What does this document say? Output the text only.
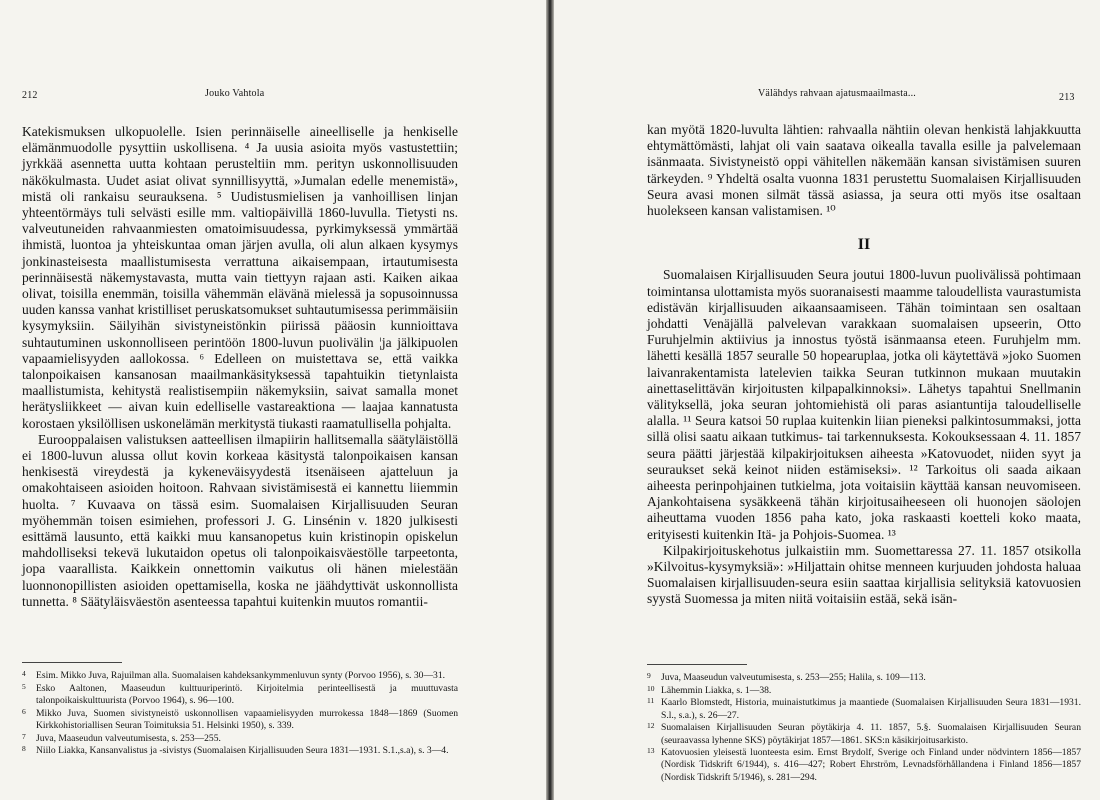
212	Jouko Vahtola

Katekismuksen ulkopuolelle. Isien perinnäiselle aineelliselle ja henkiselle elämänmuodolle pysyttiin uskollisena. ⁴ Ja uusia asioita myös vastustettiin; jyrkkää asennetta uutta kohtaan perusteltiin mm. perityn uskonnollisuuden näkökulmasta. Uudet asiat olivat synnillisyyttä, »Jumalan edelle menemistä», mistä oli rankaisu seurauksena. ⁵ Uudistusmielisen ja vanhoillisen linjan yhteentörmäys tuli selvästi esille mm. valtiopäivillä 1860-luvulla. Tietysti ns. valveutuneiden rahvaanmiesten omatoimisuudessa, pyrkimyksessä ymmärtää ihmistä, luontoa ja yhteiskuntaa oman järjen avulla, oli alun alkaen kysymys jonkinasteisesta maallistumisesta verrattuna aikaisempaan, irtautumisesta perinnäisestä näkemystavasta, mutta vain tiettyyn rajaan asti. Kaiken aikaa olivat, toisilla enemmän, toisilla vähemmän elävänä mielessä ja sopusoinnussa uuden kanssa vanhat kristilliset peruskatsomukset suhtautumisessa perimmäisiin kysymyksiin. Säilyihän sivistyneistönkin piirissä pääosin kunnioittava suhtautuminen uskonnolliseen perintöön 1800-luvun puolivälin ¦ja jälkipuolen vapaamielisyyden aallokossa. ⁶ Edelleen on muistettava se, että vaikka talonpoikaisen kansanosan maailmankäsityksessä tapahtuikin tietynlaista maallistumista, kehitystä realistisempiin näkemyksiin, saivat samalla monet herätysliikkeet — aivan kuin edelliselle vastareaktiona — laajaa kannatusta korostaen yksilöllisen uskonelämän merkitystä tiukasti raamatullisella pohjalta.

Eurooppalaisen valistuksen aatteellisen ilmapiirin hallitsemalla säätyläistöllä ei 1800-luvun alussa ollut kovin korkeaa käsitystä talonpoikaisen kansan henkisestä vireydestä ja kykeneväisyydestä itsenäiseen ajatteluun ja omakohtaiseen asioiden hoitoon. Rahvaan sivistämisestä ei kannettu liiemmin huolta. ⁷ Kuvaava on tässä esim. Suomalaisen Kirjallisuuden Seuran myöhemmän toisen esimiehen, professori J. G. Linsénin v. 1820 julkisesti esittämä lausunto, että kaikki muu kansanopetus kuin kristinopin opiskelun mahdolliseksi tekevä lukutaidon opetus oli talonpoikaisväestölle tarpeetonta, jopa vaarallista. Kaikkein onnettomin vaikutus oli hänen mielestään luonnonopillisten asioiden opettamisella, koska ne jäähdyttivät uskonnollista tunnetta. ⁸ Säätyläisväestön asenteessa tapahtui kuitenkin muutos romantii-

4	Esim. Mikko Juva, Rajuilman alla. Suomalaisen kahdeksankymmenluvun synty (Porvoo 1956), s. 30—31.
5	Esko Aaltonen, Maaseudun kulttuuriperintö. Kirjoitelmia perinteellisestä ja muuttuvasta talonpoikaiskulttuurista (Porvoo 1964), s. 96—100.
6	Mikko Juva, Suomen sivistyneistö uskonnollisen vapaamielisyyden murrokessa 1848—1869 (Suomen Kirkkohistoriallisen Seuran Toimituksia 51. Helsinki 1950), s. 339.
7	Juva, Maaseudun valveutumisesta, s. 253—255.
8	Niilo Liakka, Kansanvalistus ja -sivistys (Suomalaisen Kirjallisuuden Seura 1831—1931. S.1.,s.a), s. 3—4.
Välähdys rahvaan ajatusmaailmasta...	213

kan myötä 1820-luvulta lähtien: rahvaalla nähtiin olevan henkistä lahjakkuutta ehtymättömästi, lahjat oli vain saatava oikealla tavalla esille ja palvelemaan isänmaata. Sivistyneistö oppi vähitellen näkemään kansan sivistämisen suuren tärkeyden. ⁹ Yhdeltä osalta vuonna 1831 perustettu Suomalaisen Kirjallisuuden Seura avasi monen silmät tässä asiassa, ja seura otti myös itse osaltaan huolekseen kansan valistamisen. ¹⁰

II

Suomalaisen Kirjallisuuden Seura joutui 1800-luvun puolivälissä pohtimaan toimintansa ulottamista myös suoranaisesti maamme taloudellista vaurastumista edistävän kirjallisuuden aikaansaamiseen. Tähän toimintaan sen osaltaan johdatti Venäjällä palvelevan varakkaan suomalaisen upseerin, Otto Furuhjelmin aktiivius ja innostus työstä isänmaansa eteen. Furuhjelm mm. lähetti kesällä 1857 seuralle 50 hopearuplaa, jotka oli käytettävä »joko Suomen laivanrakentamista latelevien taikka Seuran tutkinnon mukaan muutakin ainettaselittävän kirjoitusten kilpapalkinnoksi». Lähetys tapahtui Snellmanin välityksellä, joka seuran johtomiehistä oli paras asiantuntija taloudelliselle alalla. ¹¹ Seura katsoi 50 ruplaa kuitenkin liian pieneksi palkintosummaksi, jotta sillä olisi saatu aikaan tutkimus- tai tarkennuksesta. Kokouksessaan 4. 11. 1857 seura päätti järjestää kilpakirjoituksen aiheesta »Katovuodet, niiden syyt ja seuraukset sekä keinot niiden estämiseksi». ¹² Tarkoitus oli saada aikaan aiheesta perinpohjainen tutkielma, jota voitaisiin käyttää kansan neuvomiseen. Ajankohtaisena sysäkkeenä tähän kirjoitusaiheeseen oli huonojen säolojen aiheuttama vuoden 1856 paha kato, joka raskaasti koetteli koko maata, erityisesti kuitenkin Itä- ja Pohjois-Suomea. ¹³

Kilpakirjoituskehotus julkaistiin mm. Suomettaressa 27. 11. 1857 otsikolla »Kilvoitus-kysymyksiä»: »Hiljattain ohitse menneen kurjuuden johdosta haluaa Suomalaisen kirjallisuuden-seura esiin saattaa kirjallisia selityksiä katovuosien syystä Suomessa ja miten niitä voitaisiin estää, sekä isän-

9	Juva, Maaseudun valveutumisesta, s. 253—255; Halila, s. 109—113.
10 Lähemmin Liakka, s. 1—38.
11 Kaarlo Blomstedt, Historia, muinaistutkimus ja maantiede (Suomalaisen Kirjallisuuden Seura 1831—1931. S.l., s.a.), s. 26—27.
12 Suomalaisen Kirjallisuuden Seuran pöytäkirja 4. 11. 1857, 5.§. Suomalaisen Kirjallisuuden Seuran (seuraavassa lyhenne SKS) pöytäkirjat 1857—1861. SKS:n käsikirjoitusarkisto.
13 Katovuosien yleisestä luonteesta esim. Ernst Brydolf, Sverige och Finland under nödvintern 1856—1857 (Nordisk Tidskrift 6/1944), s. 416—427; Robert Ehrström, Levnadsförhållandena i Finland 1856—1857 (Nordisk Tidskrift 5/1946), s. 281—294.
